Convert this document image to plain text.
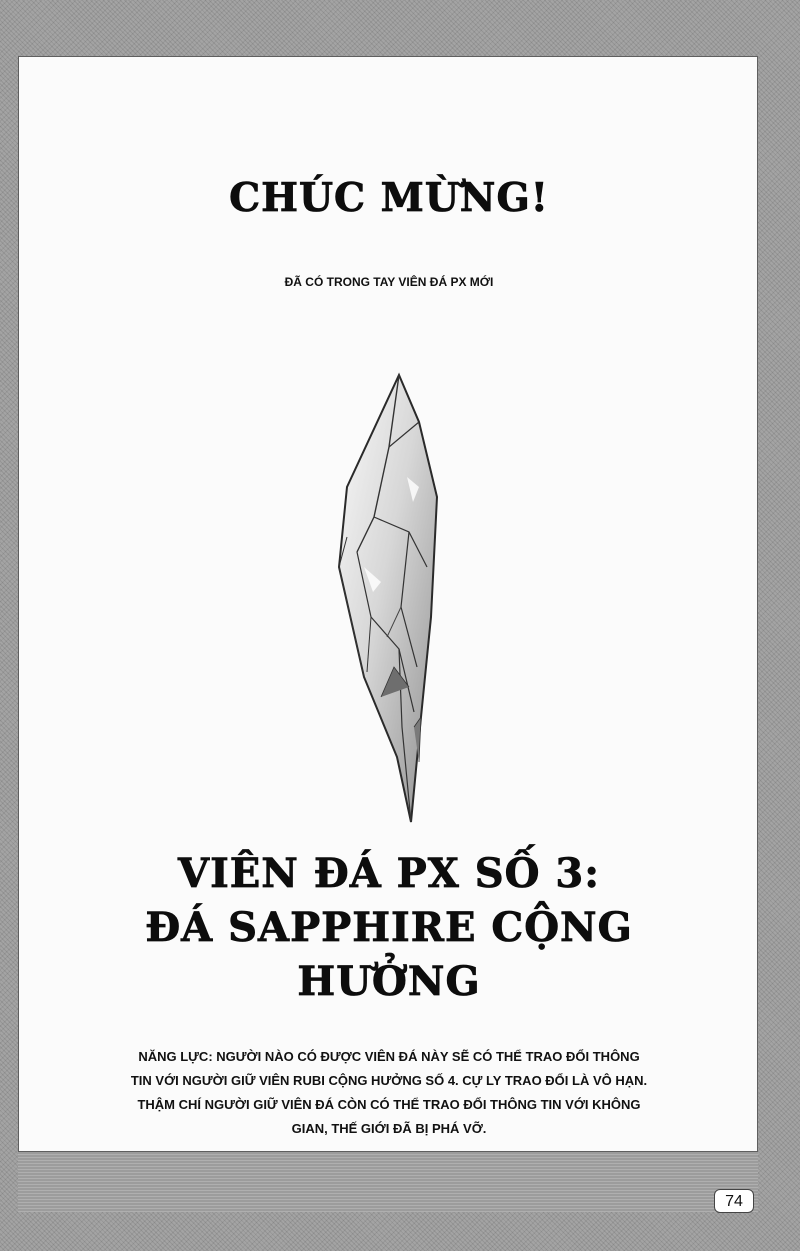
CHÚC MỪNG!

ĐÃ CÓ TRONG TAY VIÊN ĐÁ PX MỚI

VIÊN ĐÁ PX SỐ 3:
ĐÁ SAPPHIRE CỘNG
HƯỞNG

NĂNG LỰC: NGƯỜI NÀO CÓ ĐƯỢC VIÊN ĐÁ NÀY SẼ CÓ THỂ TRAO ĐỔI THÔNG
TIN VỚI NGƯỜI GIỮ VIÊN RUBI CỘNG HƯỞNG SỐ 4. CỰ LY TRAO ĐỔI LÀ VÔ HẠN.
THẬM CHÍ NGƯỜI GIỮ VIÊN ĐÁ CÒN CÓ THỂ TRAO ĐỔI THÔNG TIN VỚI KHÔNG
GIAN, THẾ GIỚI ĐÃ BỊ PHÁ VỠ.

74
